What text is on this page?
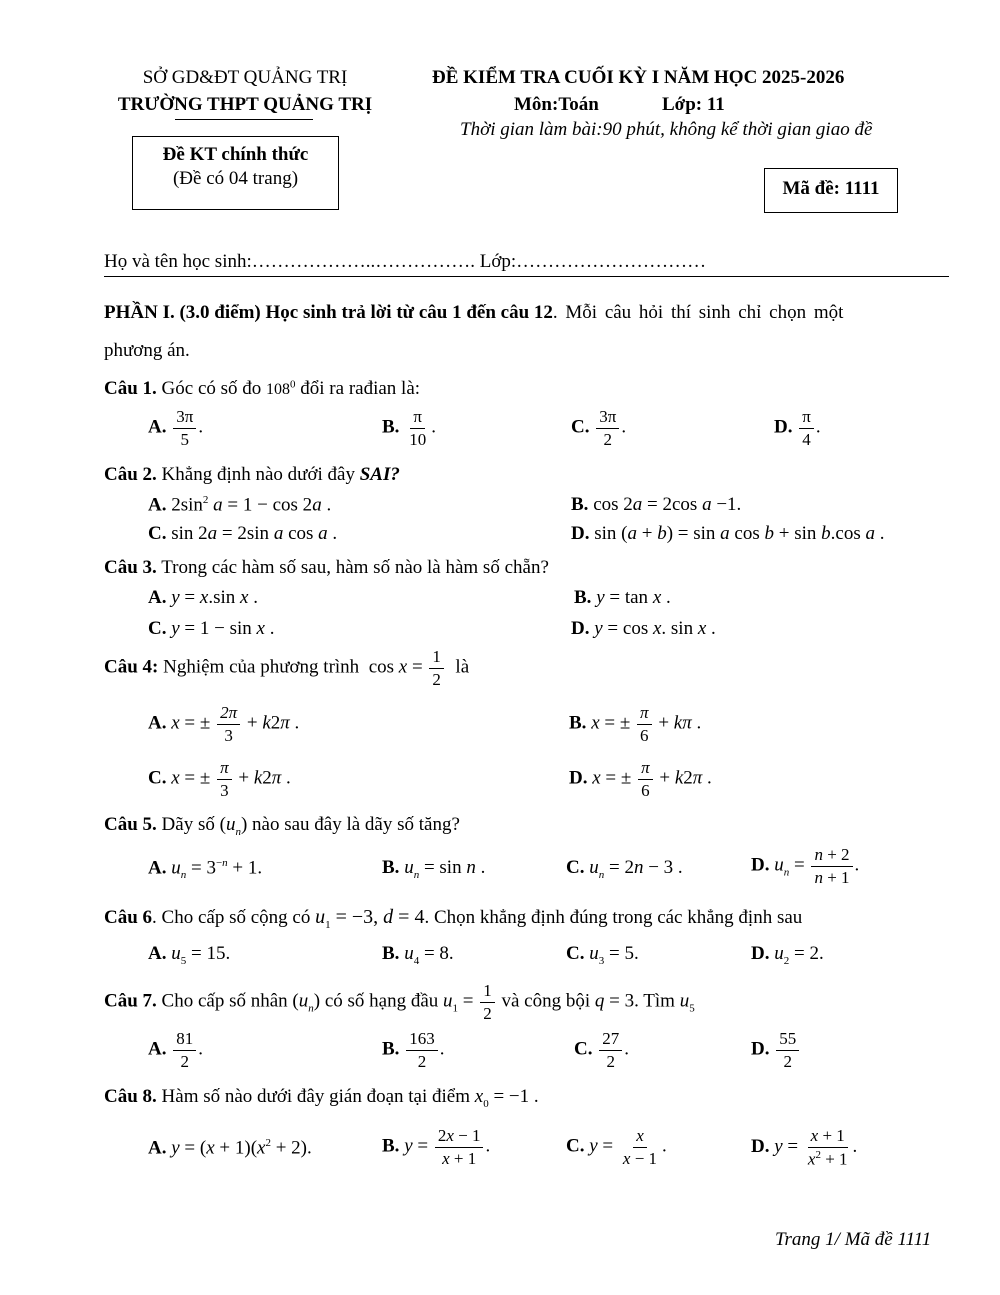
SỞ GD&ĐT QUẢNG TRỊ
TRƯỜNG THPT QUẢNG TRỊ
ĐỀ KIỂM TRA CUỐI KỲ I NĂM HỌC 2025-2026
Môn:Toán	Lớp: 11
Thời gian làm bài:90 phút, không kể thời gian giao đề
Đề KT chính thức
(Đề có 04 trang)	Mã đề: 1111
Họ và tên học sinh:………………..……………. Lớp:…………………………
PHẦN I. (3.0 điểm) Học sinh trả lời từ câu 1 đến câu 12. Mỗi câu hỏi thí sinh chỉ chọn một
phương án.
Câu 1. Góc có số đo $108^0$ đổi ra rađian là:
A. $\frac{3\pi}{5}$ .	B. $\frac{\pi}{10}$ .	C. $\frac{3\pi}{2}$ .	D. $\frac{\pi}{4}$ .
Câu 2. Khẳng định nào dưới đây SAI?
A. $2\sin^2$ a = 1 − cos 2a .	B. cos 2a = 2cos a −1.
C. sin 2a = 2sin a cos a .	D. sin (a + b) = sin a cos b + sin b.cos a .
Câu 3. Trong các hàm số sau, hàm số nào là hàm số chẵn?
A. y = x.sin x .	B. y = tan x .
C. y = 1 − sin x .	D. y = cos x. sin x .
Câu 4: Nghiệm của phương trình  $\cos x = \frac{1}{2}$ là
A. x = ± $\frac{2\pi}{3} + k2\pi$ .	B. x = ± $\frac{\pi}{6} + k\pi$ .
C. x = ± $\frac{\pi}{3} + k2\pi$ .	D. x = ± $\frac{\pi}{6} + k2\pi$ .
Câu 5. Dãy số $(u_n)$ nào sau đây là dãy số tăng?
A. $u_n = 3^{-n} + 1$.	B. $u_n = \sin n$ .	C. $u_n = 2n - 3$ .	D. $u_n = \frac{n + 2}{n + 1}$ .
Câu 6. Cho cấp số cộng có $u_1 = -3$, d = 4. Chọn khẳng định đúng trong các khẳng định sau
A. $u_5 = 15$.	B. $u_4 = 8$.	C. $u_3 = 5$.	D. $u_2 = 2$.
Câu 7. Cho cấp số nhân $(u_n)$ có số hạng đầu $u_1 = \frac{1}{2}$ và công bội q = 3. Tìm $u_5$
A. $\frac{81}{2}$ .	B. $\frac{163}{2}$ .	C. $\frac{27}{2}$ .	D. $\frac{55}{2}$
Câu 8. Hàm số nào dưới đây gián đoạn tại điểm $x_0 = -1$ .
A. $y = (x + 1)(x^2 + 2)$.	B. $y = \frac{2x - 1}{x + 1}$ .	C. $y = \frac{x}{x - 1}$ .	D. $y = \frac{x + 1}{x^2 + 1}$ .
Trang 1/ Mã đề 1111
